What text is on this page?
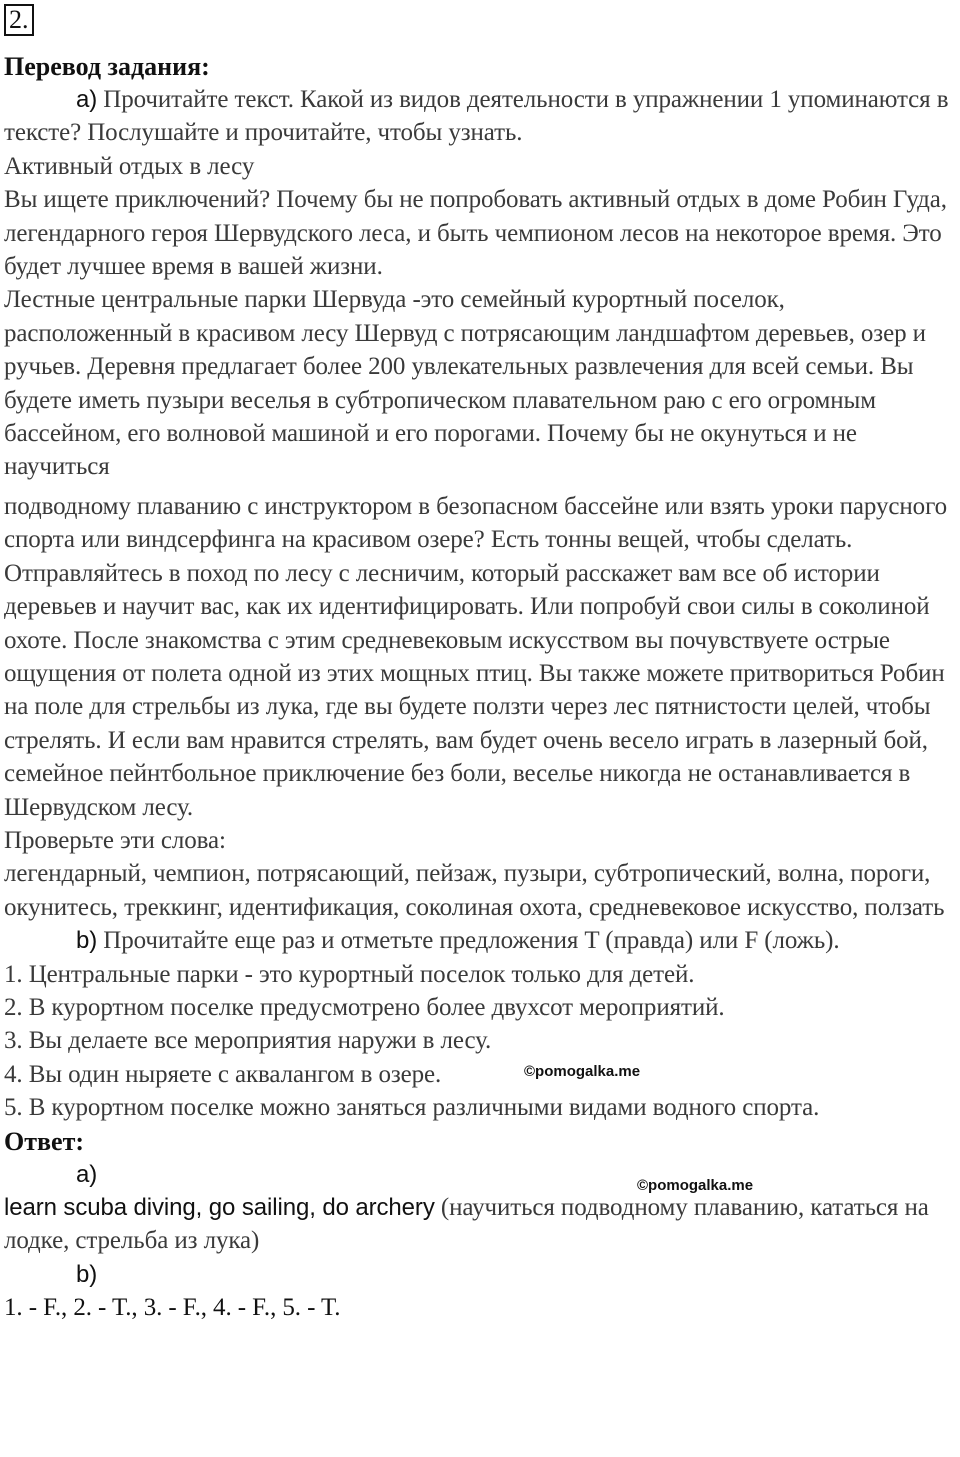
2.
Перевод задания:

a) Прочитайте текст. Какой из видов деятельности в упражнении 1 упоминаются в тексте? Послушайте и прочитайте, чтобы узнать.

Активный отдых в лесу

Вы ищете приключений? Почему бы не попробовать активный отдых в доме Робин Гуда, легендарного героя Шервудского леса, и быть чемпионом лесов на некоторое время. Это будет лучшее время в вашей жизни.

Лестные центральные парки Шервуда -это семейный курортный поселок, расположенный в красивом лесу Шервуд с потрясающим ландшафтом деревьев, озер и ручьев. Деревня предлагает более 200 увлекательных развлечения для всей семьи. Вы будете иметь пузыри веселья в субтропическом плавательном раю с его огромным бассейном, его волновой машиной и его порогами. Почему бы не окунуться и не научиться

подводному плаванию с инструктором в безопасном бассейне или взять уроки парусного спорта или виндсерфинга на красивом озере? Есть тонны вещей, чтобы сделать. Отправляйтесь в поход по лесу с лесничим, который расскажет вам все об истории деревьев и научит вас, как их идентифицировать. Или попробуй свои силы в соколиной охоте. После знакомства с этим средневековым искусством вы почувствуете острые ощущения от полета одной из этих мощных птиц. Вы также можете притвориться Робин на поле для стрельбы из лука, где вы будете ползти через лес пятнистости целей, чтобы стрелять. И если вам нравится стрелять, вам будет очень весело играть в лазерный бой, семейное пейнтбольное приключение без боли, веселье никогда не останавливается в Шервудском лесу.

Проверьте эти слова:

легендарный, чемпион, потрясающий, пейзаж, пузыри, субтропический, волна, пороги, окунитесь, треккинг, идентификация, соколиная охота, средневековое искусство, ползать

b) Прочитайте еще раз и отметьте предложения T (правда) или F (ложь).

1. Центральные парки - это курортный поселок только для детей.

2. В курортном поселке предусмотрено более двухсот мероприятий.

3. Вы делаете все мероприятия наружи в лесу.

4. Вы один ныряете с аквалангом в озере.

5. В курортном поселке можно заняться различными видами водного спорта.

Ответ:

a)

learn scuba diving, go sailing, do archery (научиться подводному плаванию, кататься на лодке, стрельба из лука)

b)

1. - F., 2. - T., 3. - F., 4. - F., 5. - T.

©pomogalka.me
©pomogalka.me
